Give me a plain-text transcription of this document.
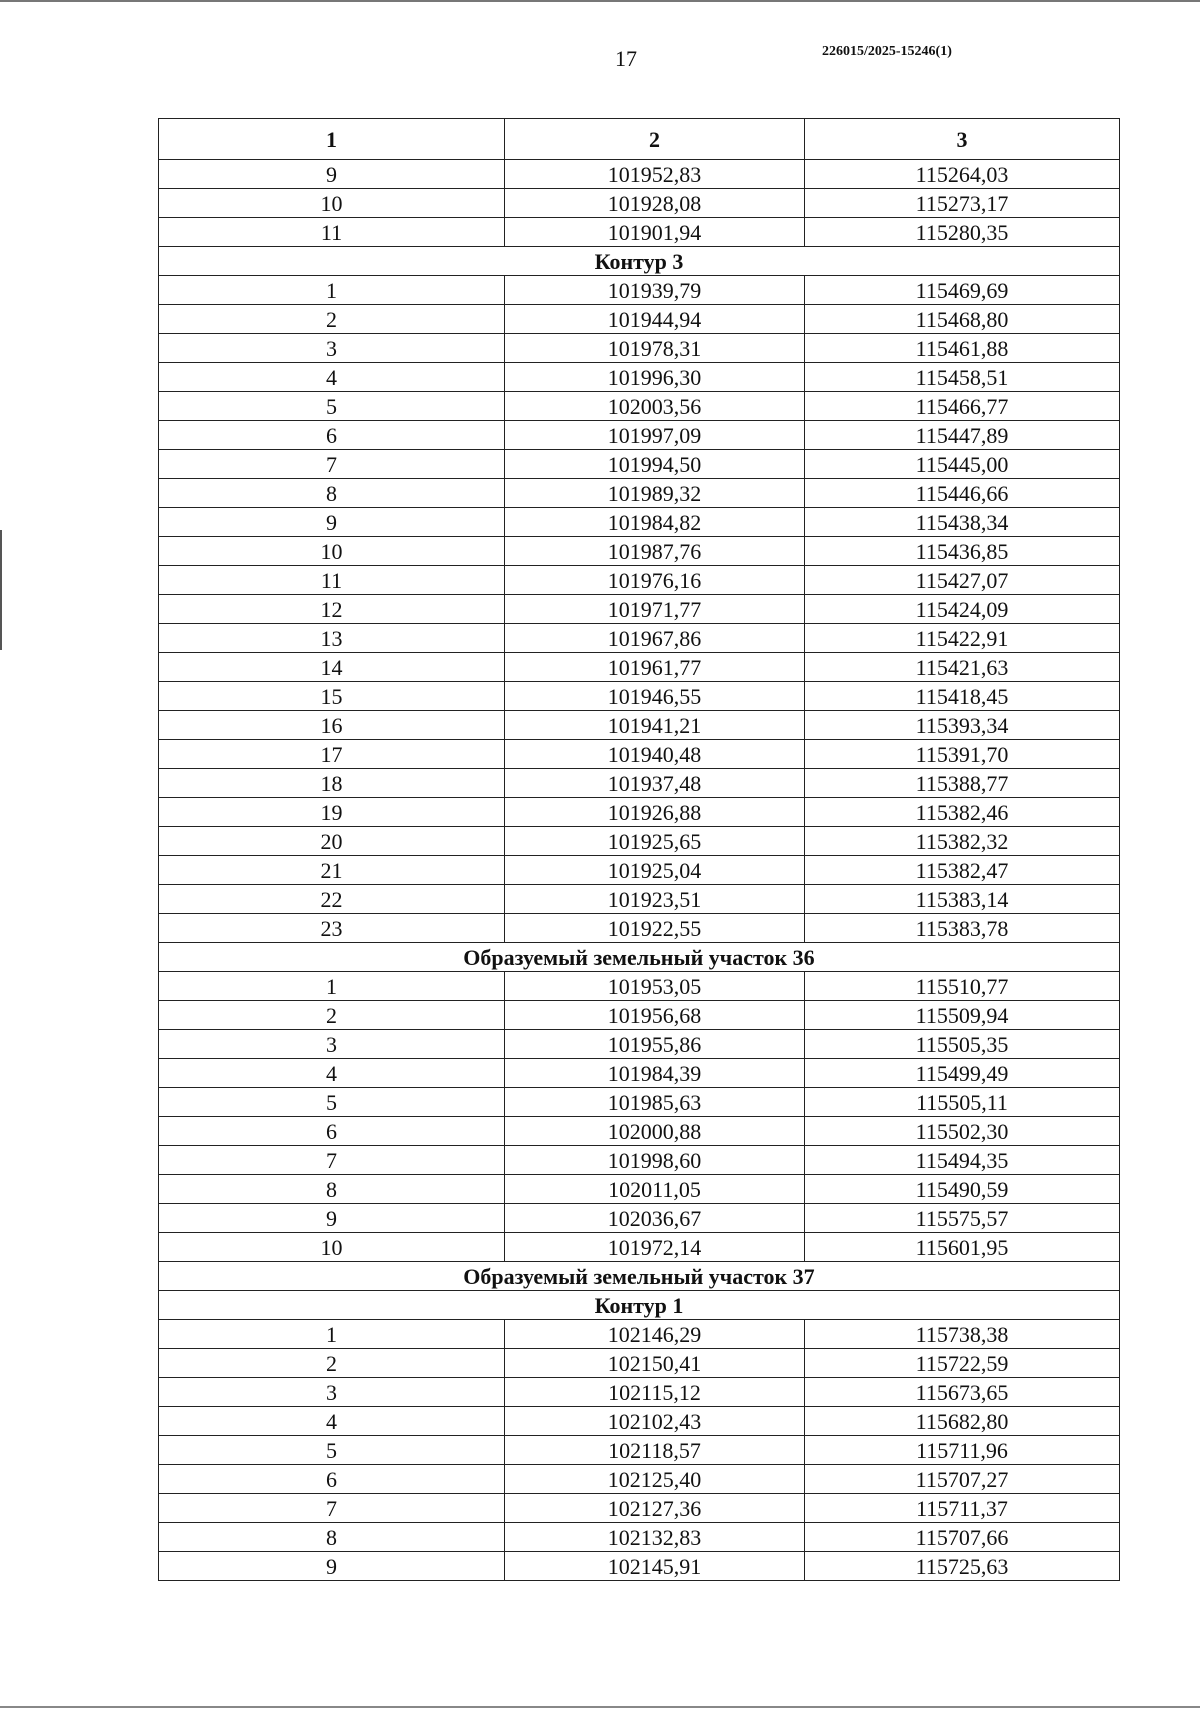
17	226015/2025-15246(1)
1	2	3
9	101952,83	115264,03
10	101928,08	115273,17
11	101901,94	115280,35
Контур 3		
1	101939,79	115469,69
2	101944,94	115468,80
3	101978,31	115461,88
4	101996,30	115458,51
5	102003,56	115466,77
6	101997,09	115447,89
7	101994,50	115445,00
8	101989,32	115446,66
9	101984,82	115438,34
10	101987,76	115436,85
11	101976,16	115427,07
12	101971,77	115424,09
13	101967,86	115422,91
14	101961,77	115421,63
15	101946,55	115418,45
16	101941,21	115393,34
17	101940,48	115391,70
18	101937,48	115388,77
19	101926,88	115382,46
20	101925,65	115382,32
21	101925,04	115382,47
22	101923,51	115383,14
23	101922,55	115383,78
Образуемый земельный участок 36		
1	101953,05	115510,77
2	101956,68	115509,94
3	101955,86	115505,35
4	101984,39	115499,49
5	101985,63	115505,11
6	102000,88	115502,30
7	101998,60	115494,35
8	102011,05	115490,59
9	102036,67	115575,57
10	101972,14	115601,95
Образуемый земельный участок 37		
Контур 1		
1	102146,29	115738,38
2	102150,41	115722,59
3	102115,12	115673,65
4	102102,43	115682,80
5	102118,57	115711,96
6	102125,40	115707,27
7	102127,36	115711,37
8	102132,83	115707,66
9	102145,91	115725,63
